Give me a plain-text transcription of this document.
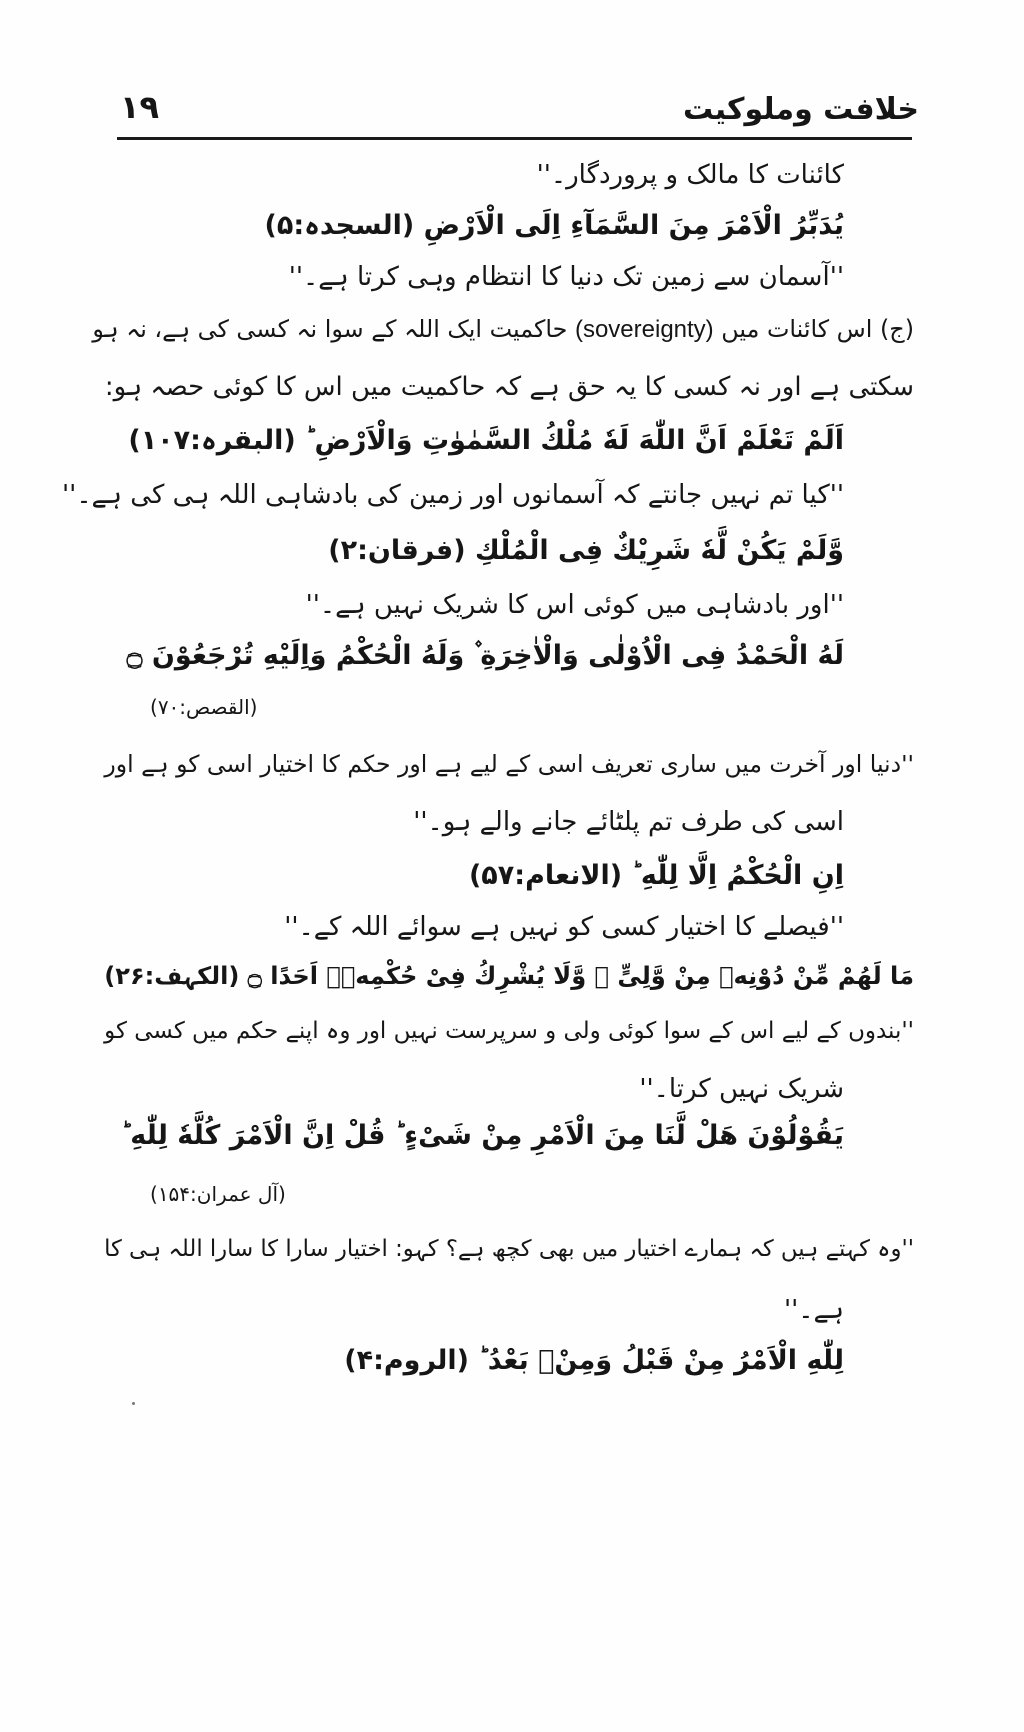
خلافت وملوکیت
۱۹
کائنات کا مالک و پروردگار۔''
یُدَبِّرُ الْاَمْرَ مِنَ السَّمَآءِ اِلَی الْاَرْضِ (السجدہ:۵)
''آسمان سے زمین تک دنیا کا انتظام وہی کرتا ہے۔''
(ج) اس کائنات میں (sovereignty) حاکمیت ایک اللہ کے سوا نہ کسی کی ہے، نہ ہو
سکتی ہے اور نہ کسی کا یہ حق ہے کہ حاکمیت میں اس کا کوئی حصہ ہو:
اَلَمْ تَعْلَمْ اَنَّ اللّٰهَ لَهٗ مُلْكُ السَّمٰوٰتِ وَالْاَرْضِ ؕ (البقرہ:۱۰۷)
''کیا تم نہیں جانتے کہ آسمانوں اور زمین کی بادشاہی اللہ ہی کی ہے۔''
وَّلَمْ یَکُنْ لَّهٗ شَرِیْكٌ فِی الْمُلْكِ (فرقان:۲)
''اور بادشاہی میں کوئی اس کا شریک نہیں ہے۔''
لَهُ الْحَمْدُ فِی الْاُوْلٰی وَالْاٰخِرَةِ ۫ وَلَهُ الْحُكْمُ وَاِلَیْهِ تُرْجَعُوْنَ ۝
(القصص:۷۰)
''دنیا اور آخرت میں ساری تعریف اسی کے لیے ہے اور حکم کا اختیار اسی کو ہے اور
اسی کی طرف تم پلٹائے جانے والے ہو۔''
اِنِ الْحُكْمُ اِلَّا لِلّٰهِ ؕ (الانعام:۵۷)
''فیصلے کا اختیار کسی کو نہیں ہے سوائے اللہ کے۔''
مَا لَهُمْ مِّنْ دُوْنِهٖ مِنْ وَّلِیٍّ ۫ وَّلَا یُشْرِكُ فِیْ حُكْمِهٖۤ اَحَدًا ۝ (الکہف:۲۶)
''بندوں کے لیے اس کے سوا کوئی ولی و سرپرست نہیں اور وہ اپنے حکم میں کسی کو
شریک نہیں کرتا۔''
یَقُوْلُوْنَ هَلْ لَّنَا مِنَ الْاَمْرِ مِنْ شَیْءٍ ؕ قُلْ اِنَّ الْاَمْرَ كُلَّهٗ لِلّٰهِ ؕ
(آل عمران:۱۵۴)
''وہ کہتے ہیں کہ ہمارے اختیار میں بھی کچھ ہے؟ کہو: اختیار سارا کا سارا اللہ ہی کا
ہے۔''
لِلّٰهِ الْاَمْرُ مِنْ قَبْلُ وَمِنْۢ بَعْدُ ؕ (الروم:۴)
